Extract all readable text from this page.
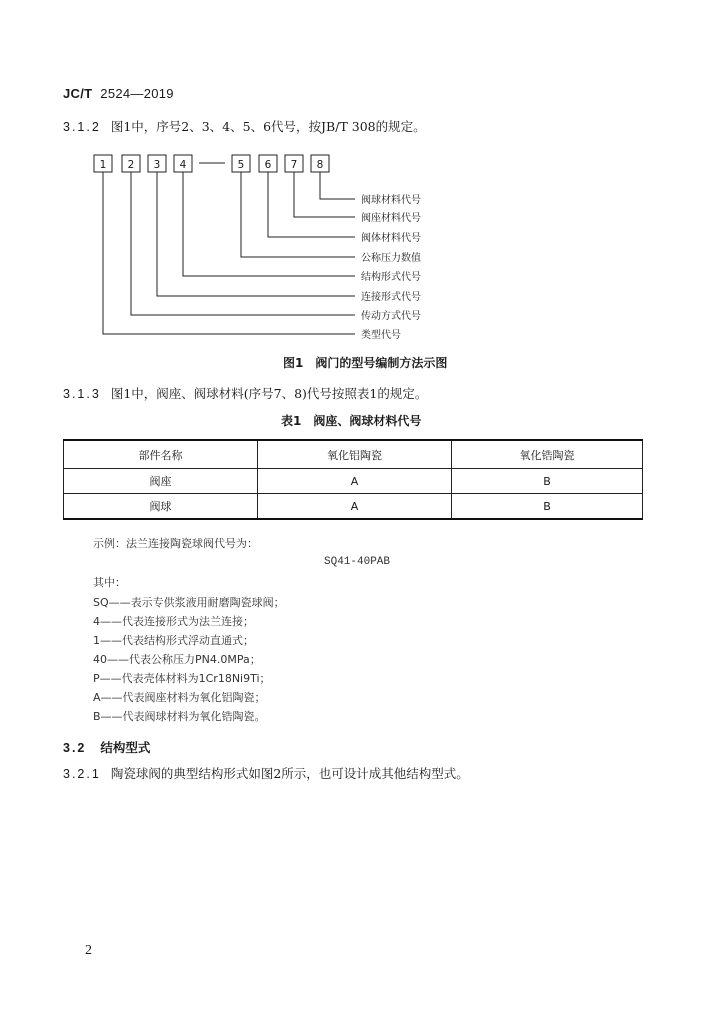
JC/T 2524—2019
3.1.2 图1中，序号2、3、4、5、6代号，按JB/T 308的规定。
1 2 3 4	5 6 7 8
阀球材料代号
阀座材料代号
阀体材料代号
公称压力数值
结构形式代号
连接形式代号
传动方式代号
类型代号
图1　阀门的型号编制方法示图
3.1.3 图1中，阀座、阀球材料(序号7、8)代号按照表1的规定。
表1　阀座、阀球材料代号
部件名称	氧化铝陶瓷	氧化锆陶瓷
阀座	A	B
阀球	A	B
示例：法兰连接陶瓷球阀代号为：
SQ41-40PAB
其中：
SQ——表示专供浆液用耐磨陶瓷球阀；
4——代表连接形式为法兰连接；
1——代表结构形式浮动直通式；
40——代表公称压力PN4.0MPa；
P——代表壳体材料为1Cr18Ni9Ti；
A——代表阀座材料为氧化铝陶瓷；
B——代表阀球材料为氧化锆陶瓷。
3.2 结构型式
3.2.1 陶瓷球阀的典型结构形式如图2所示，也可设计成其他结构型式。
2
